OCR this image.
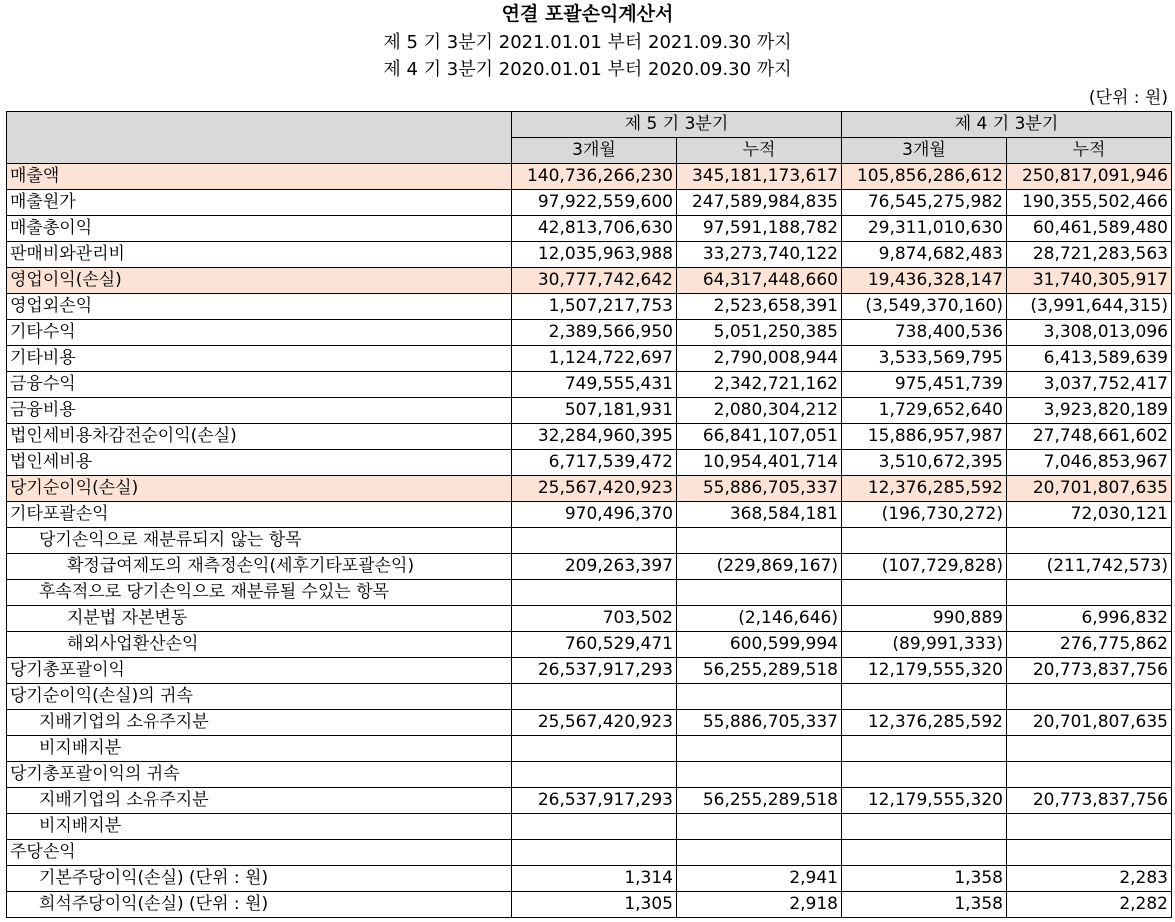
연결 포괄손익계산서
제 5 기 3분기 2021.01.01 부터 2021.09.30 까지
제 4 기 3분기 2020.01.01 부터 2020.09.30 까지
(단위 : 원)
	제 5 기 3분기		제 4 기 3분기	
	3개월	누적	3개월	누적
매출액	140,736,266,230	345,181,173,617	105,856,286,612	250,817,091,946
매출원가	97,922,559,600	247,589,984,835	76,545,275,982	190,355,502,466
매출총이익	42,813,706,630	97,591,188,782	29,311,010,630	60,461,589,480
판매비와관리비	12,035,963,988	33,273,740,122	9,874,682,483	28,721,283,563
영업이익(손실)	30,777,742,642	64,317,448,660	19,436,328,147	31,740,305,917
영업외손익	1,507,217,753	2,523,658,391	(3,549,370,160)	(3,991,644,315)
기타수익	2,389,566,950	5,051,250,385	738,400,536	3,308,013,096
기타비용	1,124,722,697	2,790,008,944	3,533,569,795	6,413,589,639
금융수익	749,555,431	2,342,721,162	975,451,739	3,037,752,417
금융비용	507,181,931	2,080,304,212	1,729,652,640	3,923,820,189
법인세비용차감전순이익(손실)	32,284,960,395	66,841,107,051	15,886,957,987	27,748,661,602
법인세비용	6,717,539,472	10,954,401,714	3,510,672,395	7,046,853,967
당기순이익(손실)	25,567,420,923	55,886,705,337	12,376,285,592	20,701,807,635
기타포괄손익	970,496,370	368,584,181	(196,730,272)	72,030,121
당기손익으로 재분류되지 않는 항목				
확정급여제도의 재측정손익(세후기타포괄손익)	209,263,397	(229,869,167)	(107,729,828)	(211,742,573)
후속적으로 당기손익으로 재분류될 수있는 항목				
지분법 자본변동	703,502	(2,146,646)	990,889	6,996,832
해외사업환산손익	760,529,471	600,599,994	(89,991,333)	276,775,862
당기총포괄이익	26,537,917,293	56,255,289,518	12,179,555,320	20,773,837,756
당기순이익(손실)의 귀속				
지배기업의 소유주지분	25,567,420,923	55,886,705,337	12,376,285,592	20,701,807,635
비지배지분				
당기총포괄이익의 귀속				
지배기업의 소유주지분	26,537,917,293	56,255,289,518	12,179,555,320	20,773,837,756
비지배지분				
주당손익				
기본주당이익(손실) (단위 : 원)	1,314	2,941	1,358	2,283
희석주당이익(손실) (단위 : 원)	1,305	2,918	1,358	2,282
